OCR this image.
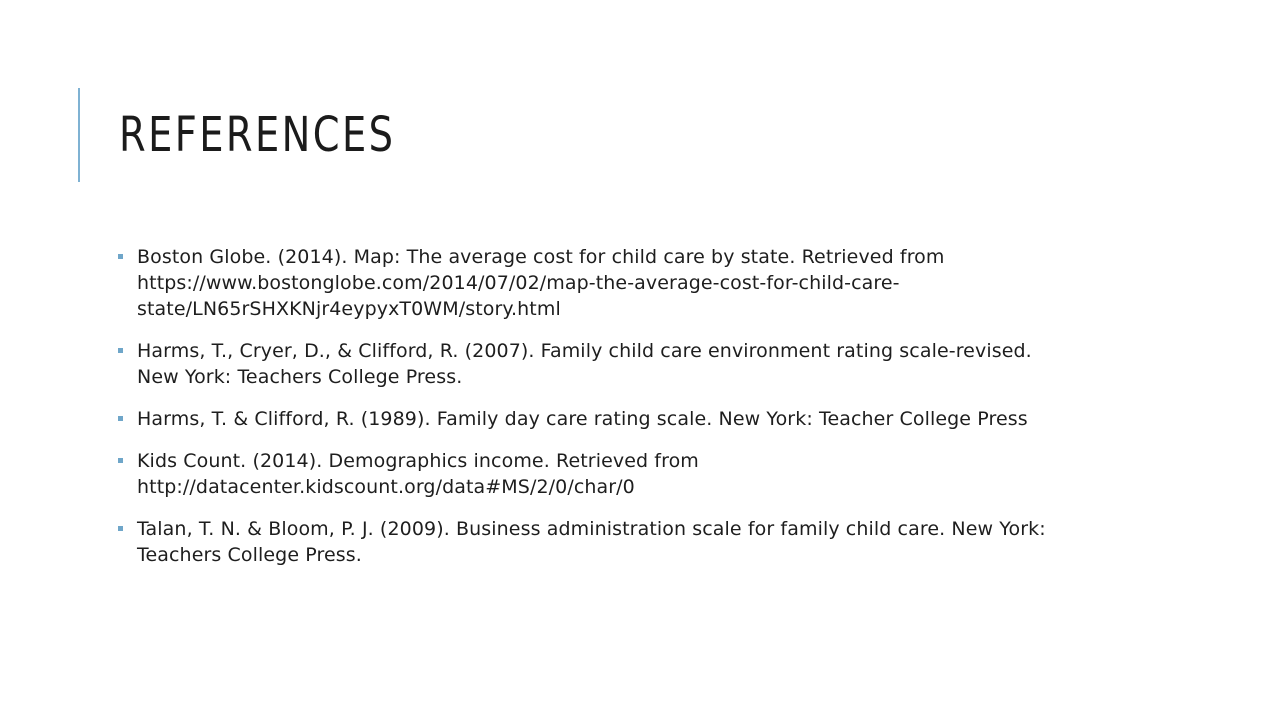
REFERENCES
Boston Globe. (2014). Map: The average cost for child care by state. Retrieved from https://www.bostonglobe.com/2014/07/02/map-the-average-cost-for-child-care-state/LN65rSHXKNjr4eypyxT0WM/story.html
Harms, T., Cryer, D., & Clifford, R. (2007). Family child care environment rating scale-revised. New York: Teachers College Press.
Harms, T. & Clifford, R. (1989). Family day care rating scale. New York: Teacher College Press
Kids Count. (2014). Demographics income. Retrieved from http://datacenter.kidscount.org/data#MS/2/0/char/0
Talan, T. N. & Bloom, P. J. (2009). Business administration scale for family child care. New York: Teachers College Press.
